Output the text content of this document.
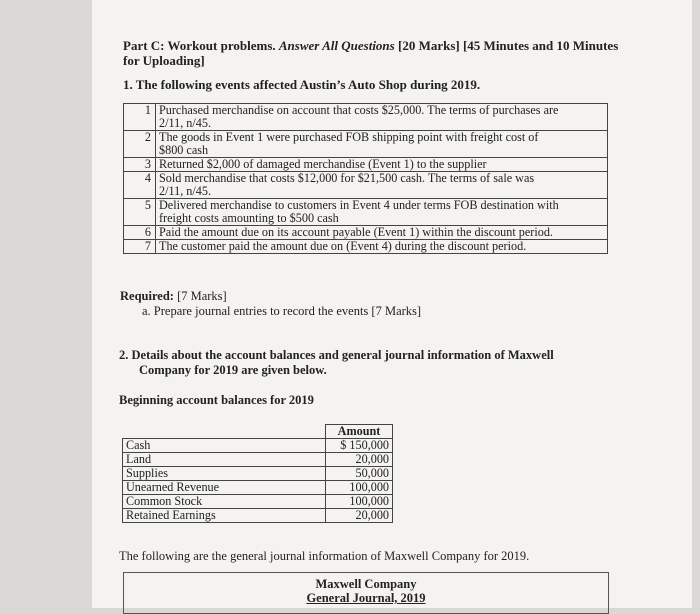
Part C: Workout problems. Answer All Questions [20 Marks] [45 Minutes and 10 Minutes
for Uploading]
1. The following events affected Austin’s Auto Shop during 2019.
1	Purchased merchandise on account that costs $25,000. The terms of purchases are
2/11, n/45.

2	The goods in Event 1 were purchased FOB shipping point with freight cost of
$800 cash

3	Returned $2,000 of damaged merchandise (Event 1) to the supplier

4	Sold merchandise that costs $12,000 for $21,500 cash. The terms of sale was
2/11, n/45.

5	Delivered merchandise to customers in Event 4 under terms FOB destination with
freight costs amounting to $500 cash

6	Paid the amount due on its account payable (Event 1) within the discount period.

7	The customer paid the amount due on (Event 4) during the discount period.
Required: [7 Marks]
a. Prepare journal entries to record the events [7 Marks]
2. Details about the account balances and general journal information of Maxwell
Company for 2019 are given below.
Beginning account balances for 2019
	Amount
Cash	$ 150,000
Land	20,000
Supplies	50,000
Unearned Revenue	100,000
Common Stock	100,000
Retained Earnings	20,000
The following are the general journal information of Maxwell Company for 2019.
Maxwell Company
General Journal, 2019
